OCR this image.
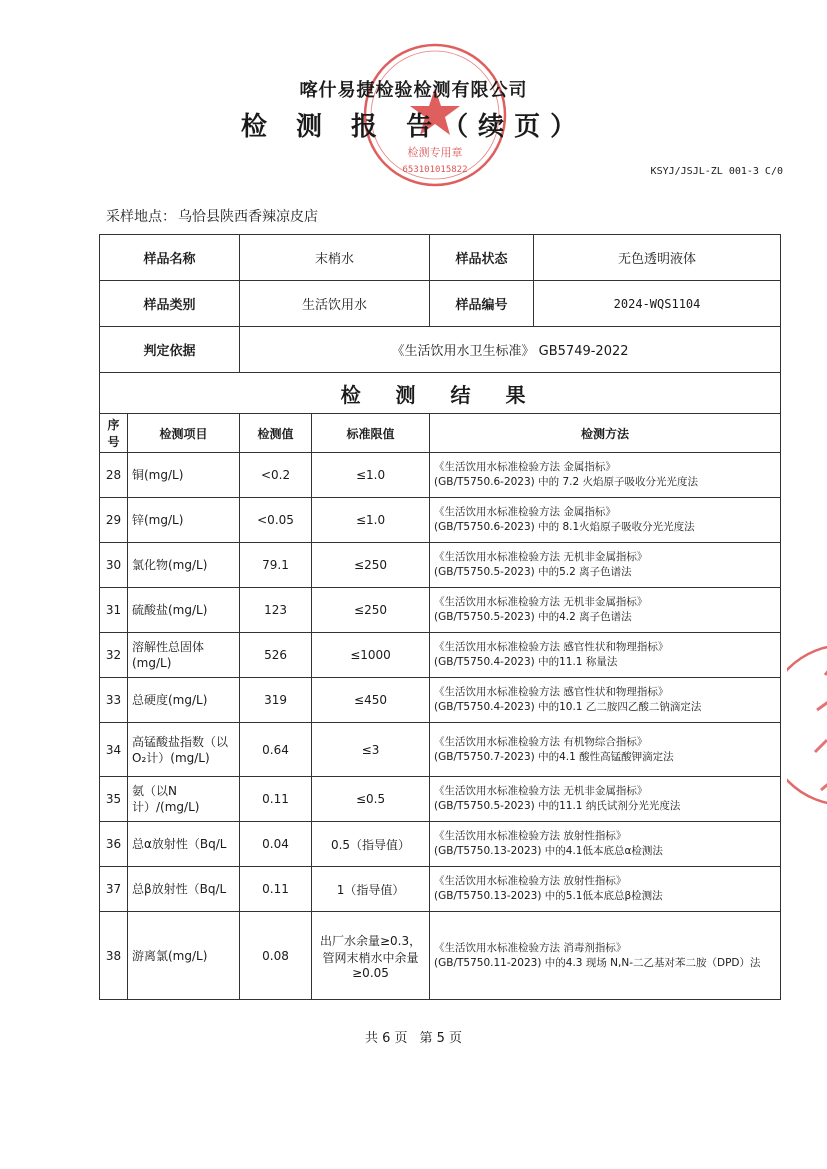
检测专用章
653101015822
喀什易捷检验检测有限公司
检 测 报 告（续页）
KSYJ/JSJL-ZL 001-3 C/0
采样地点： 乌恰县陕西香辣凉皮店
样品名称		末梢水		样品状态 无色透明液体

样品类别		生活饮用水		样品编号 2024-WQS1104

判定依据		《生活饮用水卫生标准》 GB5749-2022		
检 测 结 果				
序号	检测项目	检测值	标准限值	检测方法
28	铜(mg/L)	<0.2	≤1.0	《生活饮用水标准检验方法 金属指标》
(GB/T5750.6-2023) 中的 7.2 火焰原子吸收分光光度法

29	锌(mg/L)	<0.05	≤1.0	《生活饮用水标准检验方法 金属指标》
(GB/T5750.6-2023) 中的 8.1火焰原子吸收分光光度法

30	氯化物(mg/L)	79.1	≤250	《生活饮用水标准检验方法 无机非金属指标》
(GB/T5750.5-2023) 中的5.2 离子色谱法

31	硫酸盐(mg/L)	123	≤250	《生活饮用水标准检验方法 无机非金属指标》
(GB/T5750.5-2023) 中的4.2 离子色谱法

32	溶解性总固体(mg/L)	526	≤1000	《生活饮用水标准检验方法 感官性状和物理指标》
(GB/T5750.4-2023) 中的11.1 称量法

33	总硬度(mg/L)	319	≤450	《生活饮用水标准检验方法 感官性状和物理指标》
(GB/T5750.4-2023) 中的10.1 乙二胺四乙酸二钠滴定法

34	高锰酸盐指数（以O₂计）(mg/L)	0.64	≤3	《生活饮用水标准检验方法 有机物综合指标》
(GB/T5750.7-2023) 中的4.1 酸性高锰酸钾滴定法

35	氨（以N计）/(mg/L)	0.11	≤0.5	《生活饮用水标准检验方法 无机非金属指标》
(GB/T5750.5-2023) 中的11.1 纳氏试剂分光光度法

36	总α放射性（Bq/L	0.04	0.5（指导值）	《生活饮用水标准检验方法 放射性指标》
(GB/T5750.13-2023) 中的4.1低本底总α检测法

37	总β放射性（Bq/L	0.11	1（指导值）	《生活饮用水标准检验方法 放射性指标》
(GB/T5750.13-2023) 中的5.1低本底总β检测法

38	游离氯(mg/L)	0.08	出厂水余量≥0.3，管网末梢水中余量≥0.05	《生活饮用水标准检验方法 消毒剂指标》
(GB/T5750.11-2023) 中的4.3 现场 N,N-二乙基对苯二胺（DPD）法
共 6 页 第 5 页
